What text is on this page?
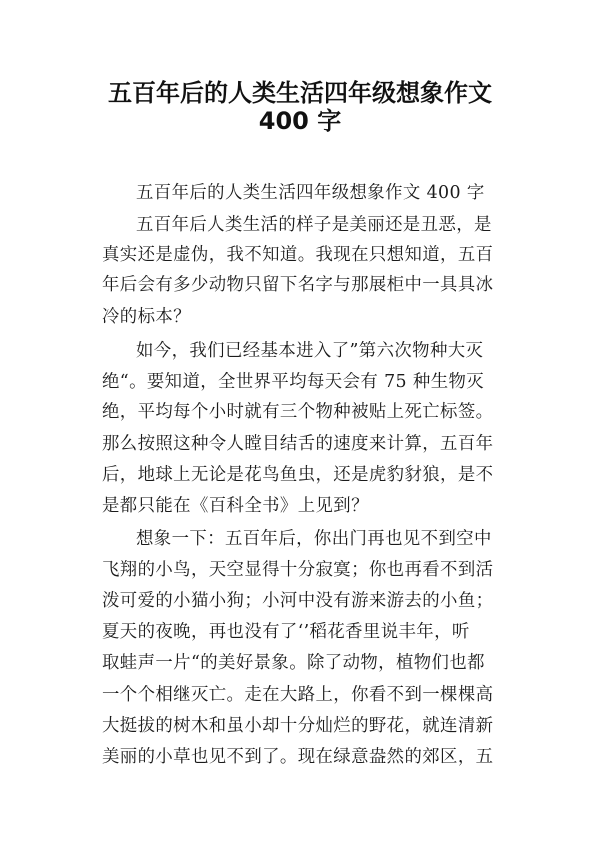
五百年后的人类生活四年级想象作文
400 字
五百年后的人类生活四年级想象作文 400 字
五百年后人类生活的样子是美丽还是丑恶，是
真实还是虚伪，我不知道。我现在只想知道，五百
年后会有多少动物只留下名字与那展柜中一具具冰
冷的标本？
如今，我们已经基本进入了”第六次物种大灭
绝“。要知道，全世界平均每天会有 75 种生物灭
绝，平均每个小时就有三个物种被贴上死亡标签。
那么按照这种令人瞠目结舌的速度来计算，五百年
后，地球上无论是花鸟鱼虫，还是虎豹豺狼，是不
是都只能在《百科全书》上见到？
想象一下：五百年后，你出门再也见不到空中
飞翔的小鸟，天空显得十分寂寞；你也再看不到活
泼可爱的小猫小狗；小河中没有游来游去的小鱼；
夏天的夜晚，再也没有了‘’稻花香里说丰年，听
取蛙声一片“的美好景象。除了动物，植物们也都
一个个相继灭亡。走在大路上，你看不到一棵棵高
大挺拔的树木和虽小却十分灿烂的野花，就连清新
美丽的小草也见不到了。现在绿意盎然的郊区，五
